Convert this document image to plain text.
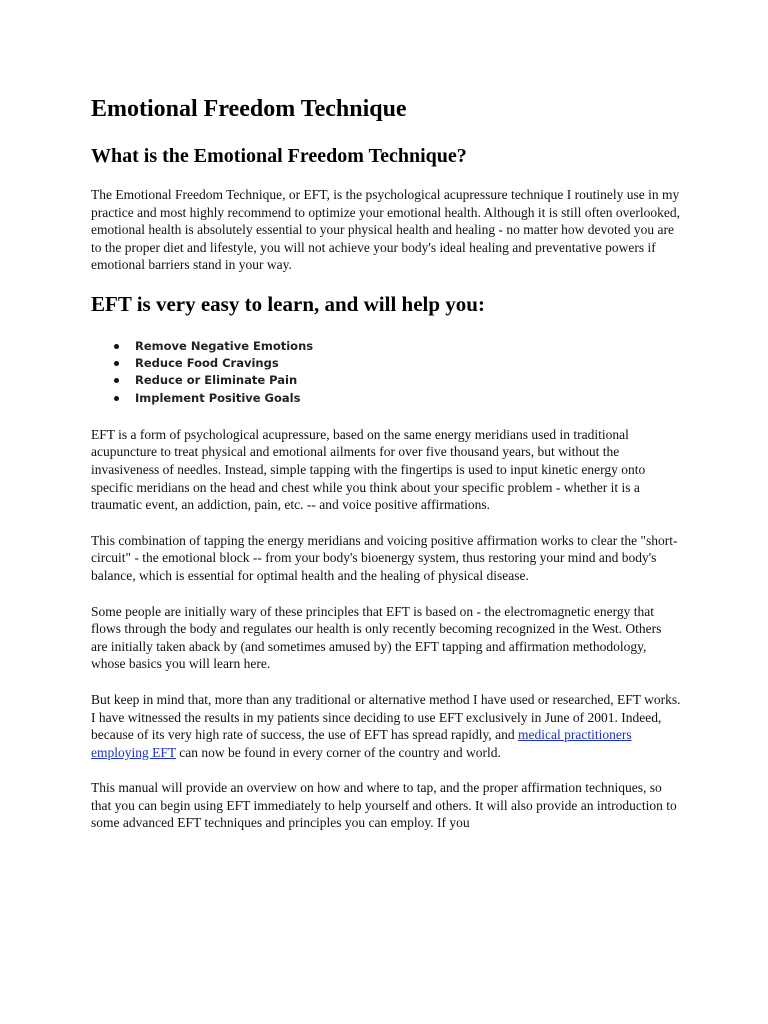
Emotional Freedom Technique
What is the Emotional Freedom Technique?

The Emotional Freedom Technique, or EFT, is the psychological acupressure technique I routinely use in my practice and most highly recommend to optimize your emotional health. Although it is still often overlooked, emotional health is absolutely essential to your physical health and healing - no matter how devoted you are to the proper diet and lifestyle, you will not achieve your body's ideal healing and preventative powers if emotional barriers stand in your way.

EFT is very easy to learn, and will help you:
Remove Negative Emotions
Reduce Food Cravings
Reduce or Eliminate Pain
Implement Positive Goals

EFT is a form of psychological acupressure, based on the same energy meridians used in traditional acupuncture to treat physical and emotional ailments for over five thousand years, but without the invasiveness of needles. Instead, simple tapping with the fingertips is used to input kinetic energy onto specific meridians on the head and chest while you think about your specific problem - whether it is a traumatic event, an addiction, pain, etc. -- and voice positive affirmations.

This combination of tapping the energy meridians and voicing positive affirmation works to clear the "short-circuit" - the emotional block -- from your body's bioenergy system, thus restoring your mind and body's balance, which is essential for optimal health and the healing of physical disease.

Some people are initially wary of these principles that EFT is based on - the electromagnetic energy that flows through the body and regulates our health is only recently becoming recognized in the West. Others are initially taken aback by (and sometimes amused by) the EFT tapping and affirmation methodology, whose basics you will learn here.

But keep in mind that, more than any traditional or alternative method I have used or researched, EFT works. I have witnessed the results in my patients since deciding to use EFT exclusively in June of 2001. Indeed, because of its very high rate of success, the use of EFT has spread rapidly, and medical practitioners employing EFT can now be found in every corner of the country and world.

This manual will provide an overview on how and where to tap, and the proper affirmation techniques, so that you can begin using EFT immediately to help yourself and others. It will also provide an introduction to some advanced EFT techniques and principles you can employ. If you
